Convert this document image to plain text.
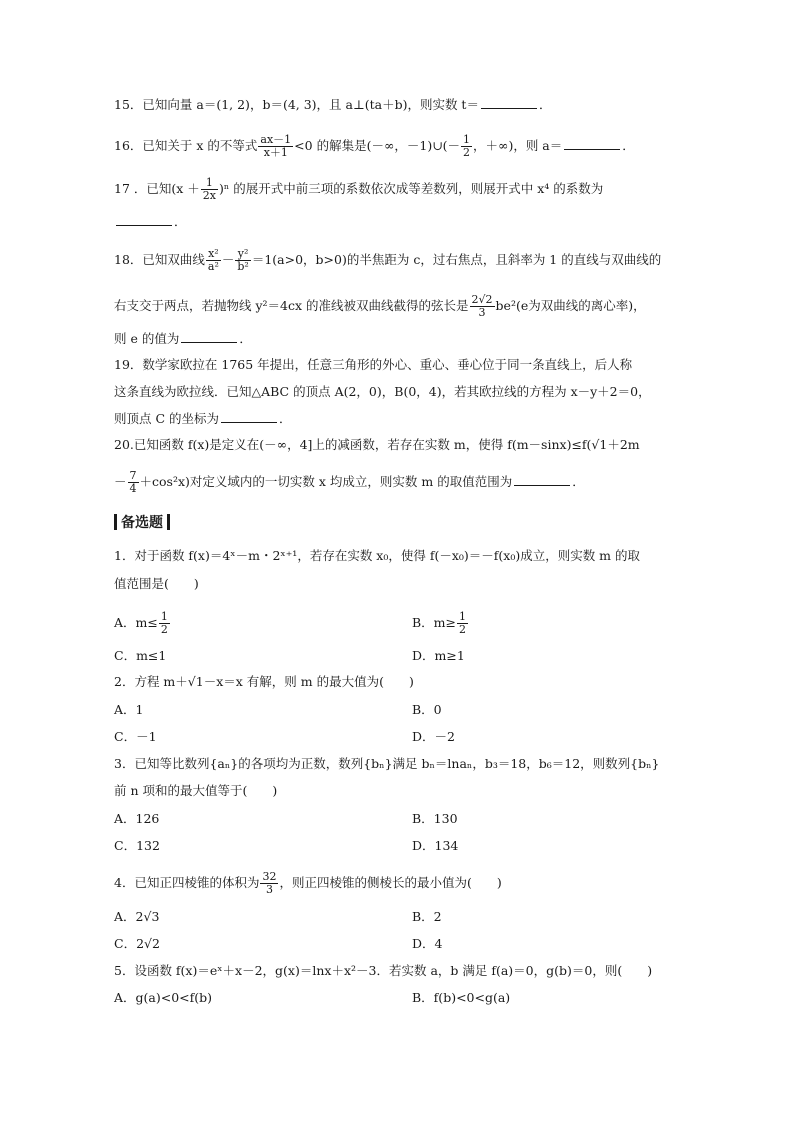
15．已知向量 a＝(1, 2)，b＝(4, 3)，且 a⊥(ta＋b)，则实数 t＝	．
16．已知关于 x 的不等式 $\frac{ax-1}{x+1} <0$ 的解集是(－∞，－1)∪(－ $\frac{1}{2}$ ，＋∞)，则 a＝	．
17 ．已知$(x + \frac{1}{2x} )^n$ 的展开式中前三项的系数依次成等差数列，则展开式中 x⁴ 的系数为
．
18．已知双曲线 $\frac{\text{x²}}{\text{a²}} - \frac{\text{y²}}{\text{b²}} =1(a>0$，b>0)的半焦距为 c，过右焦点，且斜率为 1 的直线与双曲线的
右支交于两点，若抛物线 y²＝4cx 的准线被双曲线截得的弦长是 $\frac{2√2}{3} be^2(e$为双曲线的离心率)，
则 e 的值为	．
19．数学家欧拉在 1765 年提出，任意三角形的外心、重心、垂心位于同一条直线上，后人称
这条直线为欧拉线．已知△ABC 的顶点 A(2，0)，B(0，4)，若其欧拉线的方程为 x－y＋2＝0，
则顶点 C 的坐标为	．
20.已知函数 f(x)是定义在(－∞，4]上的减函数，若存在实数 m，使得 f(m－sinx)≤f(√1＋2m
－ $\frac{7}{4} +\cos^2x$)对定义域内的一切实数 x 均成立，则实数 m 的取值范围为	．
备选题
1．对于函数 f(x)＝4ˣ－m・2ˣ⁺¹，若存在实数 x₀，使得 f(－x₀)＝－f(x₀)成立，则实数 m 的取
值范围是(　　)
A．$m\le \frac{1}{2}$	B．$m\ge \frac{1}{2}$
C．m≤1	D．m≥1
2．方程 m＋√1－x＝x 有解，则 m 的最大值为(　　)
A．1	B．0
C．－1	D．－2
3．已知等比数列{aₙ}的各项均为正数，数列{bₙ}满足 bₙ＝lnaₙ，b₃＝18，b₆＝12，则数列{bₙ}
前 n 项和的最大值等于(　　)
A．126	B．130
C．132	D．134
4．已知正四棱锥的体积为 $\frac{32}{3}$ ，则正四棱锥的侧棱长的最小值为(　　)
A．2√3	B．2
C．2√2	D．4
5．设函数 f(x)＝eˣ＋x－2，g(x)＝lnx＋x²－3．若实数 a，b 满足 f(a)＝0，g(b)＝0，则(　　)
A．g(a)<0<f(b)	B．f(b)<0<g(a)
